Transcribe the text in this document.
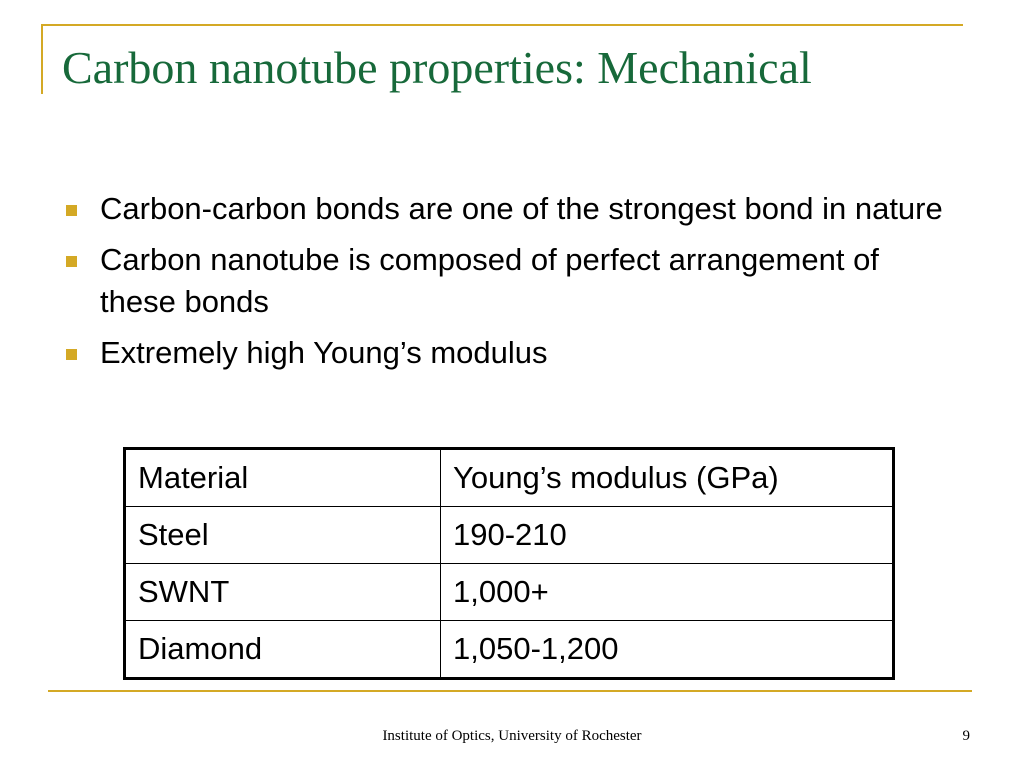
Carbon nanotube properties: Mechanical
Carbon-carbon bonds are one of the strongest bond in nature
Carbon nanotube is composed of perfect arrangement of these bonds
Extremely high Young’s modulus
Material	Young’s modulus (GPa)
Steel	190-210
SWNT	1,000+
Diamond	1,050-1,200
Institute of Optics, University of Rochester	9
